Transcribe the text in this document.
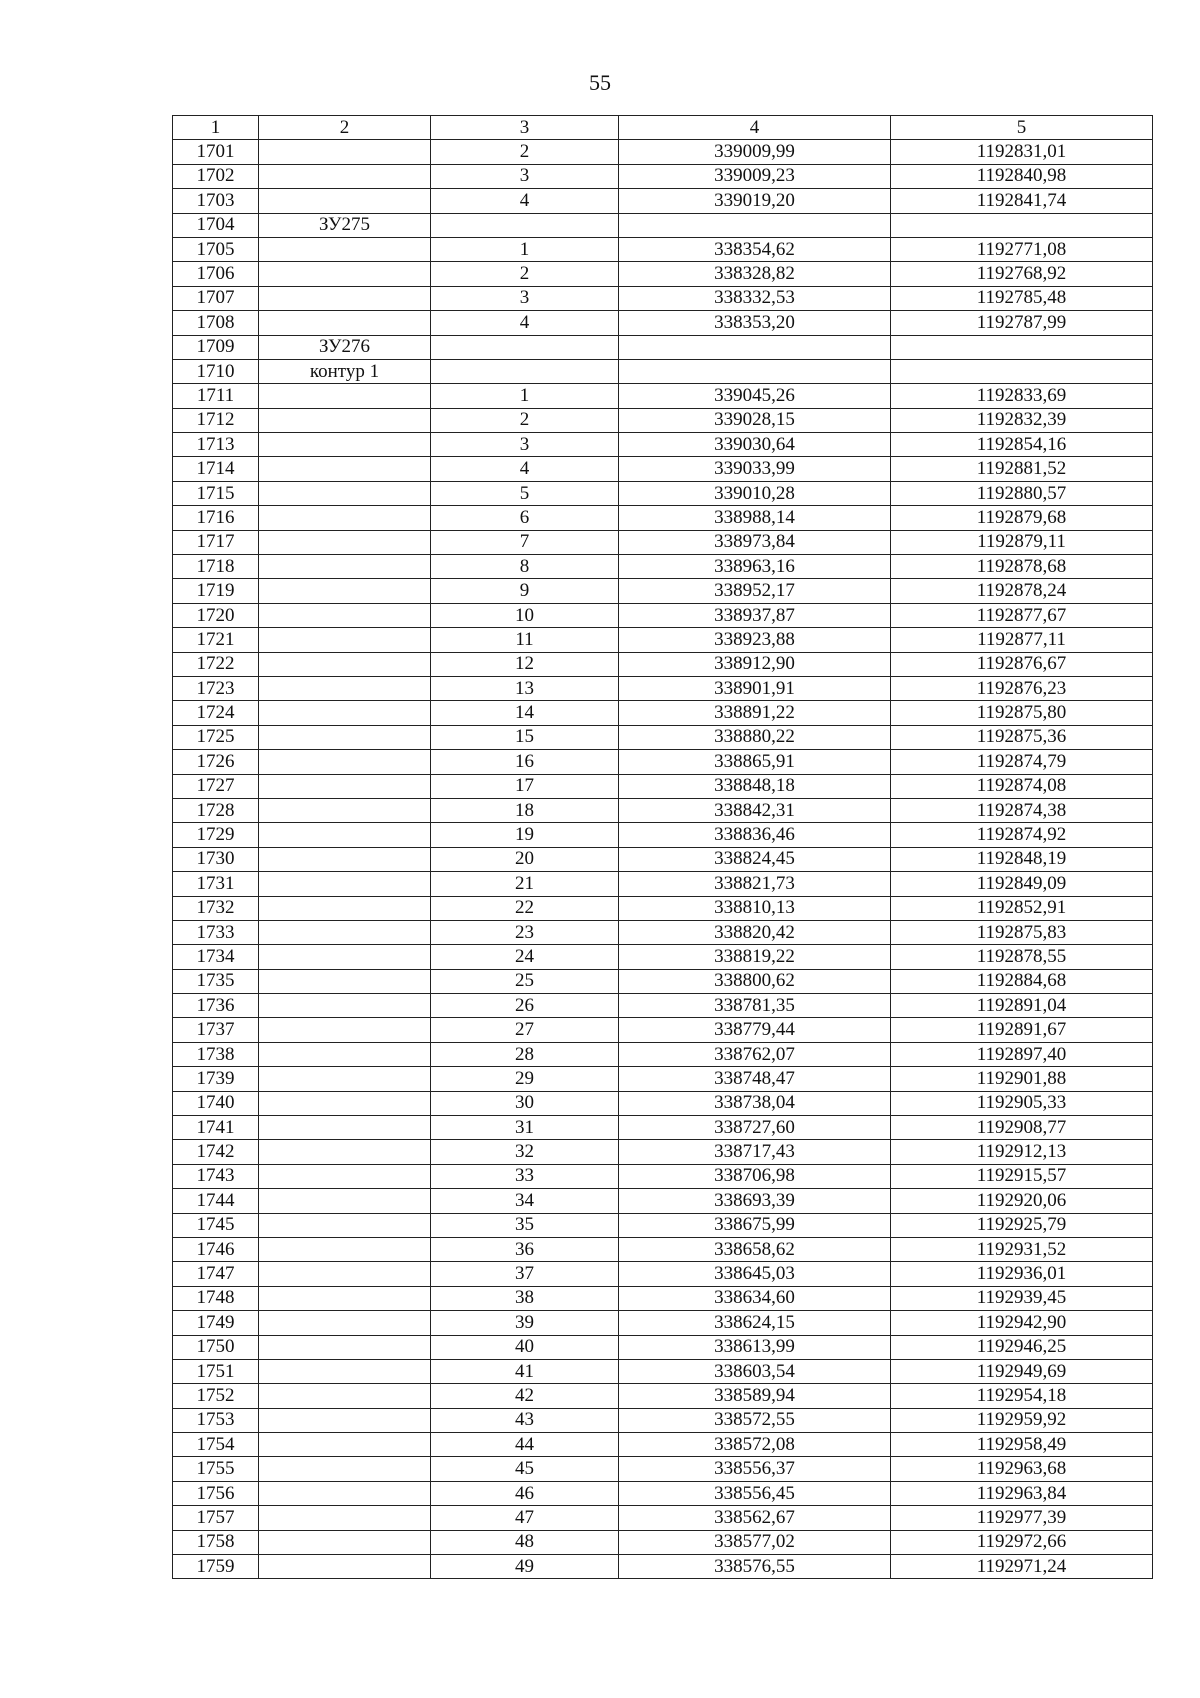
55
1	2	3	4	5
1701		2	339009,99	1192831,01
1702		3	339009,23	1192840,98
1703		4	339019,20	1192841,74
1704	ЗУ275			
1705		1	338354,62	1192771,08
1706		2	338328,82	1192768,92
1707		3	338332,53	1192785,48
1708		4	338353,20	1192787,99
1709	ЗУ276			
1710	контур 1			
1711		1	339045,26	1192833,69
1712		2	339028,15	1192832,39
1713		3	339030,64	1192854,16
1714		4	339033,99	1192881,52
1715		5	339010,28	1192880,57
1716		6	338988,14	1192879,68
1717		7	338973,84	1192879,11
1718		8	338963,16	1192878,68
1719		9	338952,17	1192878,24
1720		10	338937,87	1192877,67
1721		11	338923,88	1192877,11
1722		12	338912,90	1192876,67
1723		13	338901,91	1192876,23
1724		14	338891,22	1192875,80
1725		15	338880,22	1192875,36
1726		16	338865,91	1192874,79
1727		17	338848,18	1192874,08
1728		18	338842,31	1192874,38
1729		19	338836,46	1192874,92
1730		20	338824,45	1192848,19
1731		21	338821,73	1192849,09
1732		22	338810,13	1192852,91
1733		23	338820,42	1192875,83
1734		24	338819,22	1192878,55
1735		25	338800,62	1192884,68
1736		26	338781,35	1192891,04
1737		27	338779,44	1192891,67
1738		28	338762,07	1192897,40
1739		29	338748,47	1192901,88
1740		30	338738,04	1192905,33
1741		31	338727,60	1192908,77
1742		32	338717,43	1192912,13
1743		33	338706,98	1192915,57
1744		34	338693,39	1192920,06
1745		35	338675,99	1192925,79
1746		36	338658,62	1192931,52
1747		37	338645,03	1192936,01
1748		38	338634,60	1192939,45
1749		39	338624,15	1192942,90
1750		40	338613,99	1192946,25
1751		41	338603,54	1192949,69
1752		42	338589,94	1192954,18
1753		43	338572,55	1192959,92
1754		44	338572,08	1192958,49
1755		45	338556,37	1192963,68
1756		46	338556,45	1192963,84
1757		47	338562,67	1192977,39
1758		48	338577,02	1192972,66
1759		49	338576,55	1192971,24
